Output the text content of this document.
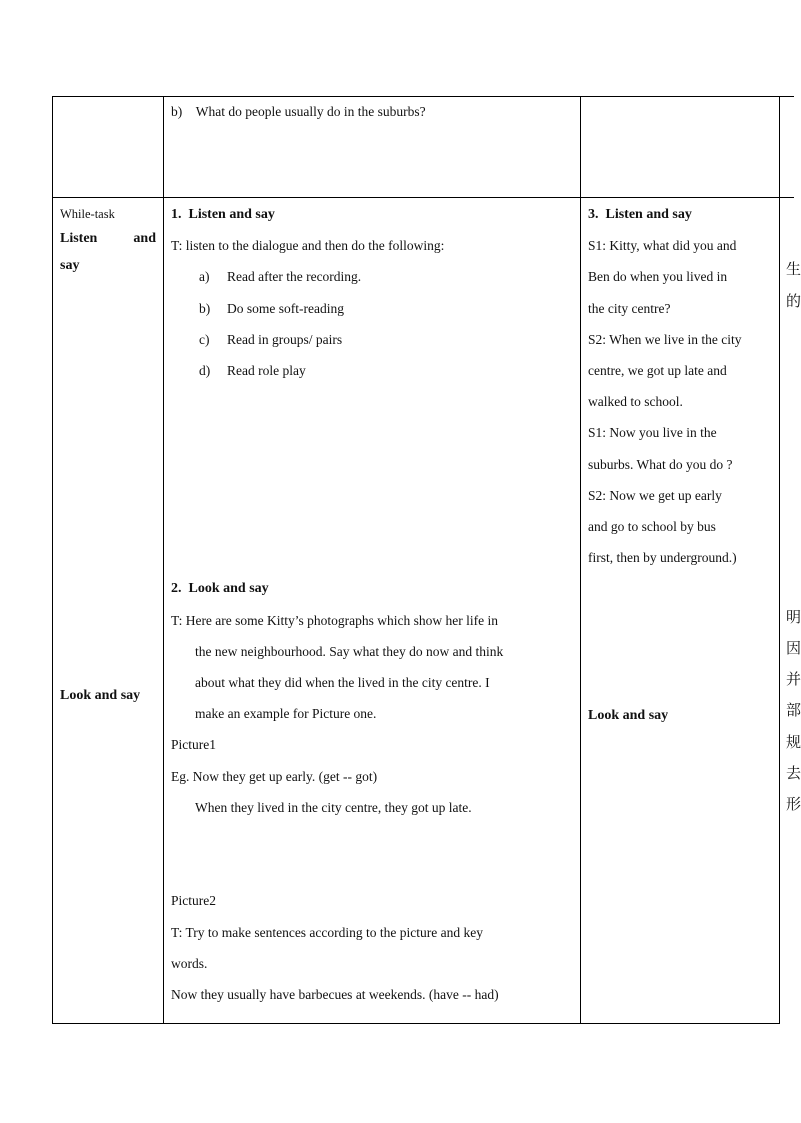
b)    What do people usually do in the suburbs?
While-task
Listen	and
say
Look and say
1.  Listen and say
T: listen to the dialogue and then do the following:
a) Read after the recording.
b) Do some soft-reading
c) Read in groups/ pairs
d) Read role play
2.  Look and say
T: Here are some Kitty’s photographs which show her life in
the new neighbourhood. Say what they do now and think
about what they did when the lived in the city centre. I
make an example for Picture one.
Picture1
Eg. Now they get up early. (get -- got)
When they lived in the city centre, they got up late.
Picture2
T: Try to make sentences according to the picture and key
words.
Now they usually have barbecues at weekends. (have -- had)
3.  Listen and say
S1: Kitty, what did you and
Ben do when you lived in
the city centre?
S2: When we live in the city
centre, we got up late and
walked to school.
S1: Now you live in the
suburbs. What do you do ?
S2: Now we get up early
and go to school by bus
first, then by underground.)
Look and say
生
的
明
因
并
部
规
去
形
